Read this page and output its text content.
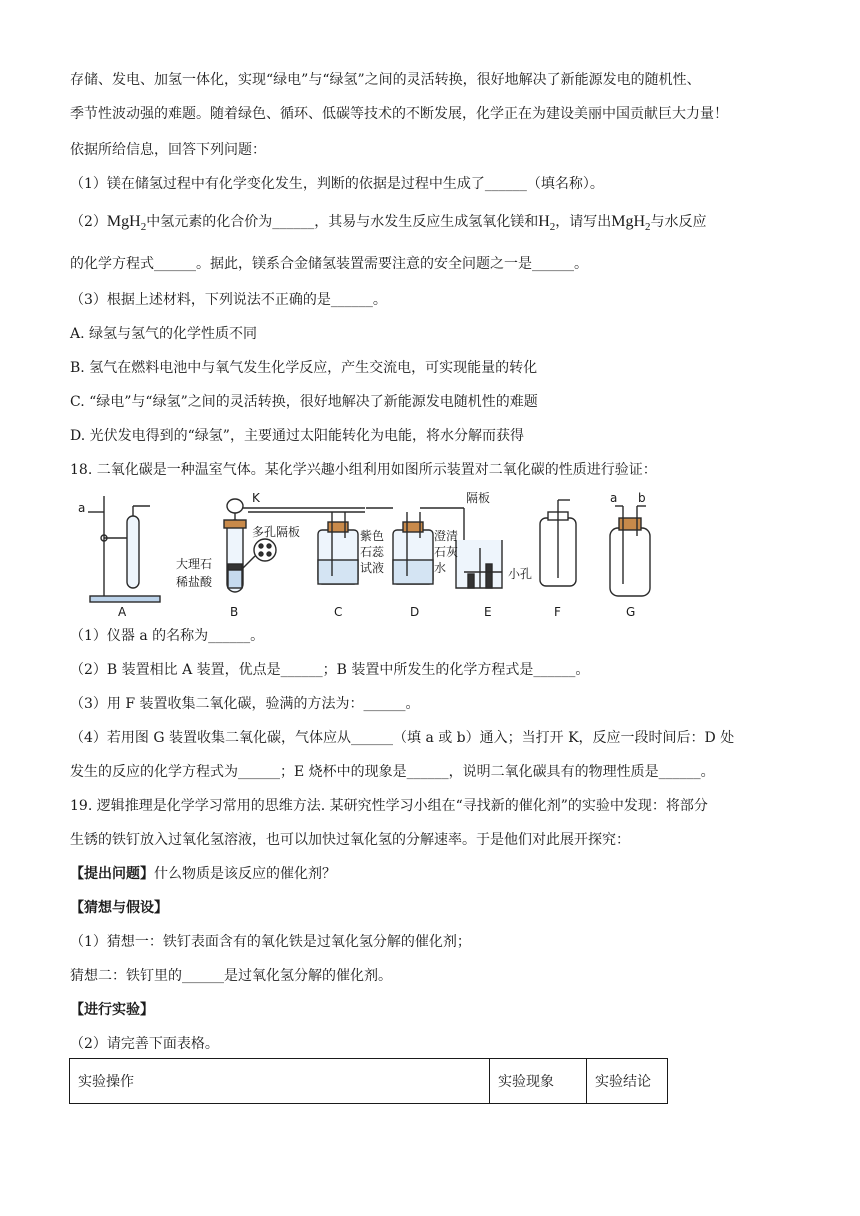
存储、发电、加氢一体化，实现“绿电”与“绿氢”之间的灵活转换，很好地解决了新能源发电的随机性、
季节性波动强的难题。随着绿色、循环、低碳等技术的不断发展，化学正在为建设美丽中国贡献巨大力量！
依据所给信息，回答下列问题：
（1）镁在储氢过程中有化学变化发生，判断的依据是过程中生成了______（填名称）。
（2）MgH$_2$中氢元素的化合价为______，其易与水发生反应生成氢氧化镁和$H_2$，请写出MgH$_2$与水反应
的化学方程式______。据此，镁系合金储氢装置需要注意的安全问题之一是______。
（3）根据上述材料，下列说法不正确的是______。
A. 绿氢与氢气的化学性质不同
B. 氢气在燃料电池中与氧气发生化学反应，产生交流电，可实现能量的转化
C. “绿电”与“绿氢”之间的灵活转换，很好地解决了新能源发电随机性的难题
D. 光伏发电得到的“绿氢”，主要通过太阳能转化为电能，将水分解而获得
18. 二氧化碳是一种温室气体。某化学兴趣小组利用如图所示装置对二氧化碳的性质进行验证：
a
K
多孔隔板
大理石
稀盐酸
紫色
石蕊
试液
澄清
石灰
水
隔板
小孔
a b
A	B	C	D	E	F	G
（1）仪器 a 的名称为______。
（2）B 装置相比 A 装置，优点是______；B 装置中所发生的化学方程式是______。
（3）用 F 装置收集二氧化碳，验满的方法为：______。
（4）若用图 G 装置收集二氧化碳，气体应从______（填 a 或 b）通入；当打开 K，反应一段时间后：D 处
发生的反应的化学方程式为______；E 烧杯中的现象是______，说明二氧化碳具有的物理性质是______。
19. 逻辑推理是化学学习常用的思维方法. 某研究性学习小组在“寻找新的催化剂”的实验中发现：将部分
生锈的铁钉放入过氧化氢溶液，也可以加快过氧化氢的分解速率。于是他们对此展开探究：
【提出问题】什么物质是该反应的催化剂？
【猜想与假设】
（1）猜想一：铁钉表面含有的氧化铁是过氧化氢分解的催化剂；
猜想二：铁钉里的______是过氧化氢分解的催化剂。
【进行实验】
（2）请完善下面表格。
实验操作	实验现象	实验结论
